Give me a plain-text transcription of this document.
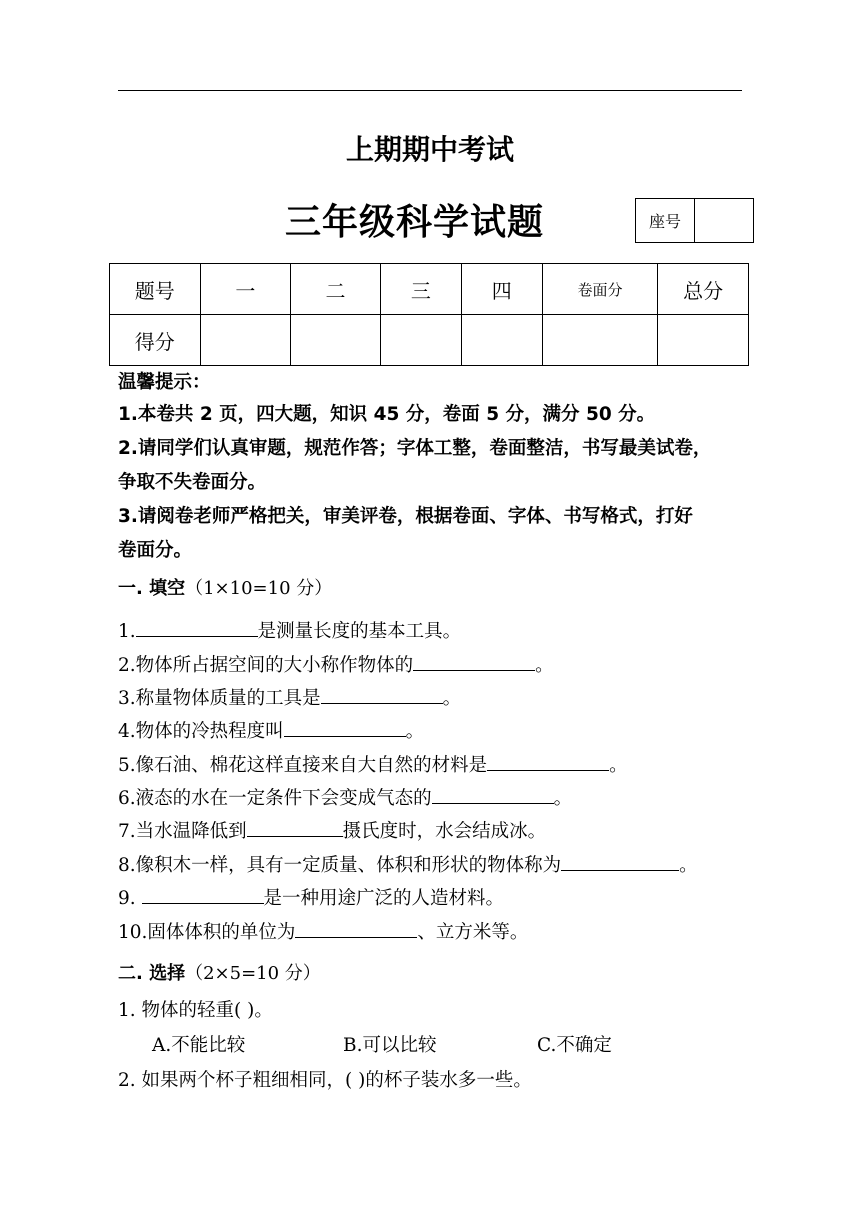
上期期中考试
三年级科学试题	座号	
题号	一	二	三	四	卷面分	总分
得分						
温馨提示：
1.本卷共 2 页，四大题，知识 45 分，卷面 5 分，满分 50 分。
2.请同学们认真审题，规范作答；字体工整，卷面整洁，书写最美试卷，
争取不失卷面分。
3.请阅卷老师严格把关，审美评卷，根据卷面、字体、书写格式，打好
卷面分。
一. 填空（1×10=10 分）
1.	是测量长度的基本工具。
2.物体所占据空间的大小称作物体的	。
3.称量物体质量的工具是	。
4.物体的冷热程度叫	。
5.像石油、棉花这样直接来自大自然的材料是	。
6.液态的水在一定条件下会变成气态的	。
7.当水温降低到	摄氏度时，水会结成冰。
8.像积木一样，具有一定质量、体积和形状的物体称为	。
9.	是一种用途广泛的人造材料。
10.固体体积的单位为	、立方米等。
二. 选择（2×5=10 分）
1. 物体的轻重( )。
A.不能比较	B.可以比较	C.不确定
2. 如果两个杯子粗细相同，( )的杯子装水多一些。
